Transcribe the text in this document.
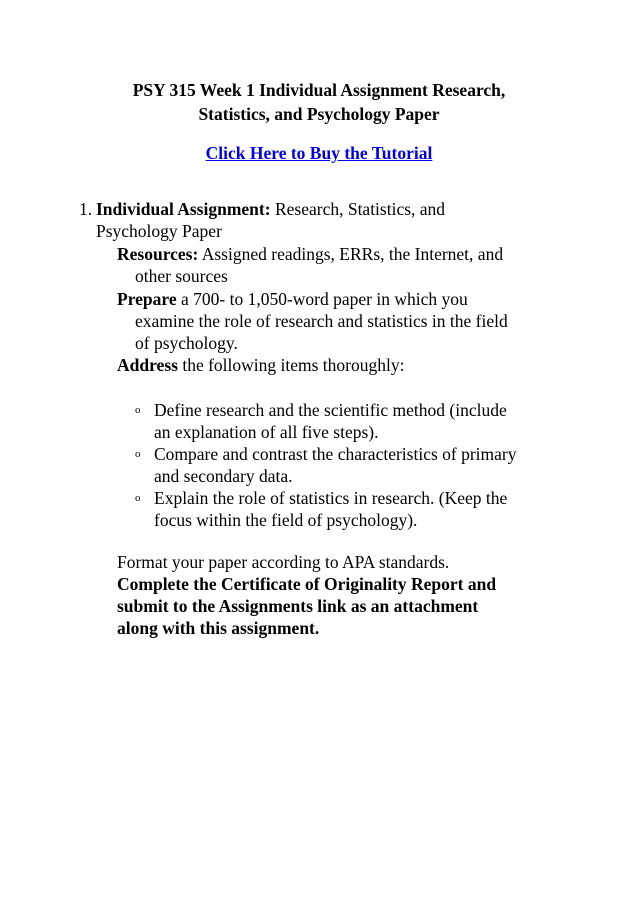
PSY 315 Week 1 Individual Assignment Research,
Statistics, and Psychology Paper
Click Here to Buy the Tutorial
1. Individual Assignment: Research, Statistics, and
Psychology Paper
Resources: Assigned readings, ERRs, the Internet, and
other sources
Prepare a 700- to 1,050-word paper in which you
examine the role of research and statistics in the field
of psychology.
Address the following items thoroughly:
o Define research and the scientific method (include
an explanation of all five steps).
o Compare and contrast the characteristics of primary
and secondary data.
o Explain the role of statistics in research. (Keep the
focus within the field of psychology).
Format your paper according to APA standards.
Complete the Certificate of Originality Report and
submit to the Assignments link as an attachment
along with this assignment.
